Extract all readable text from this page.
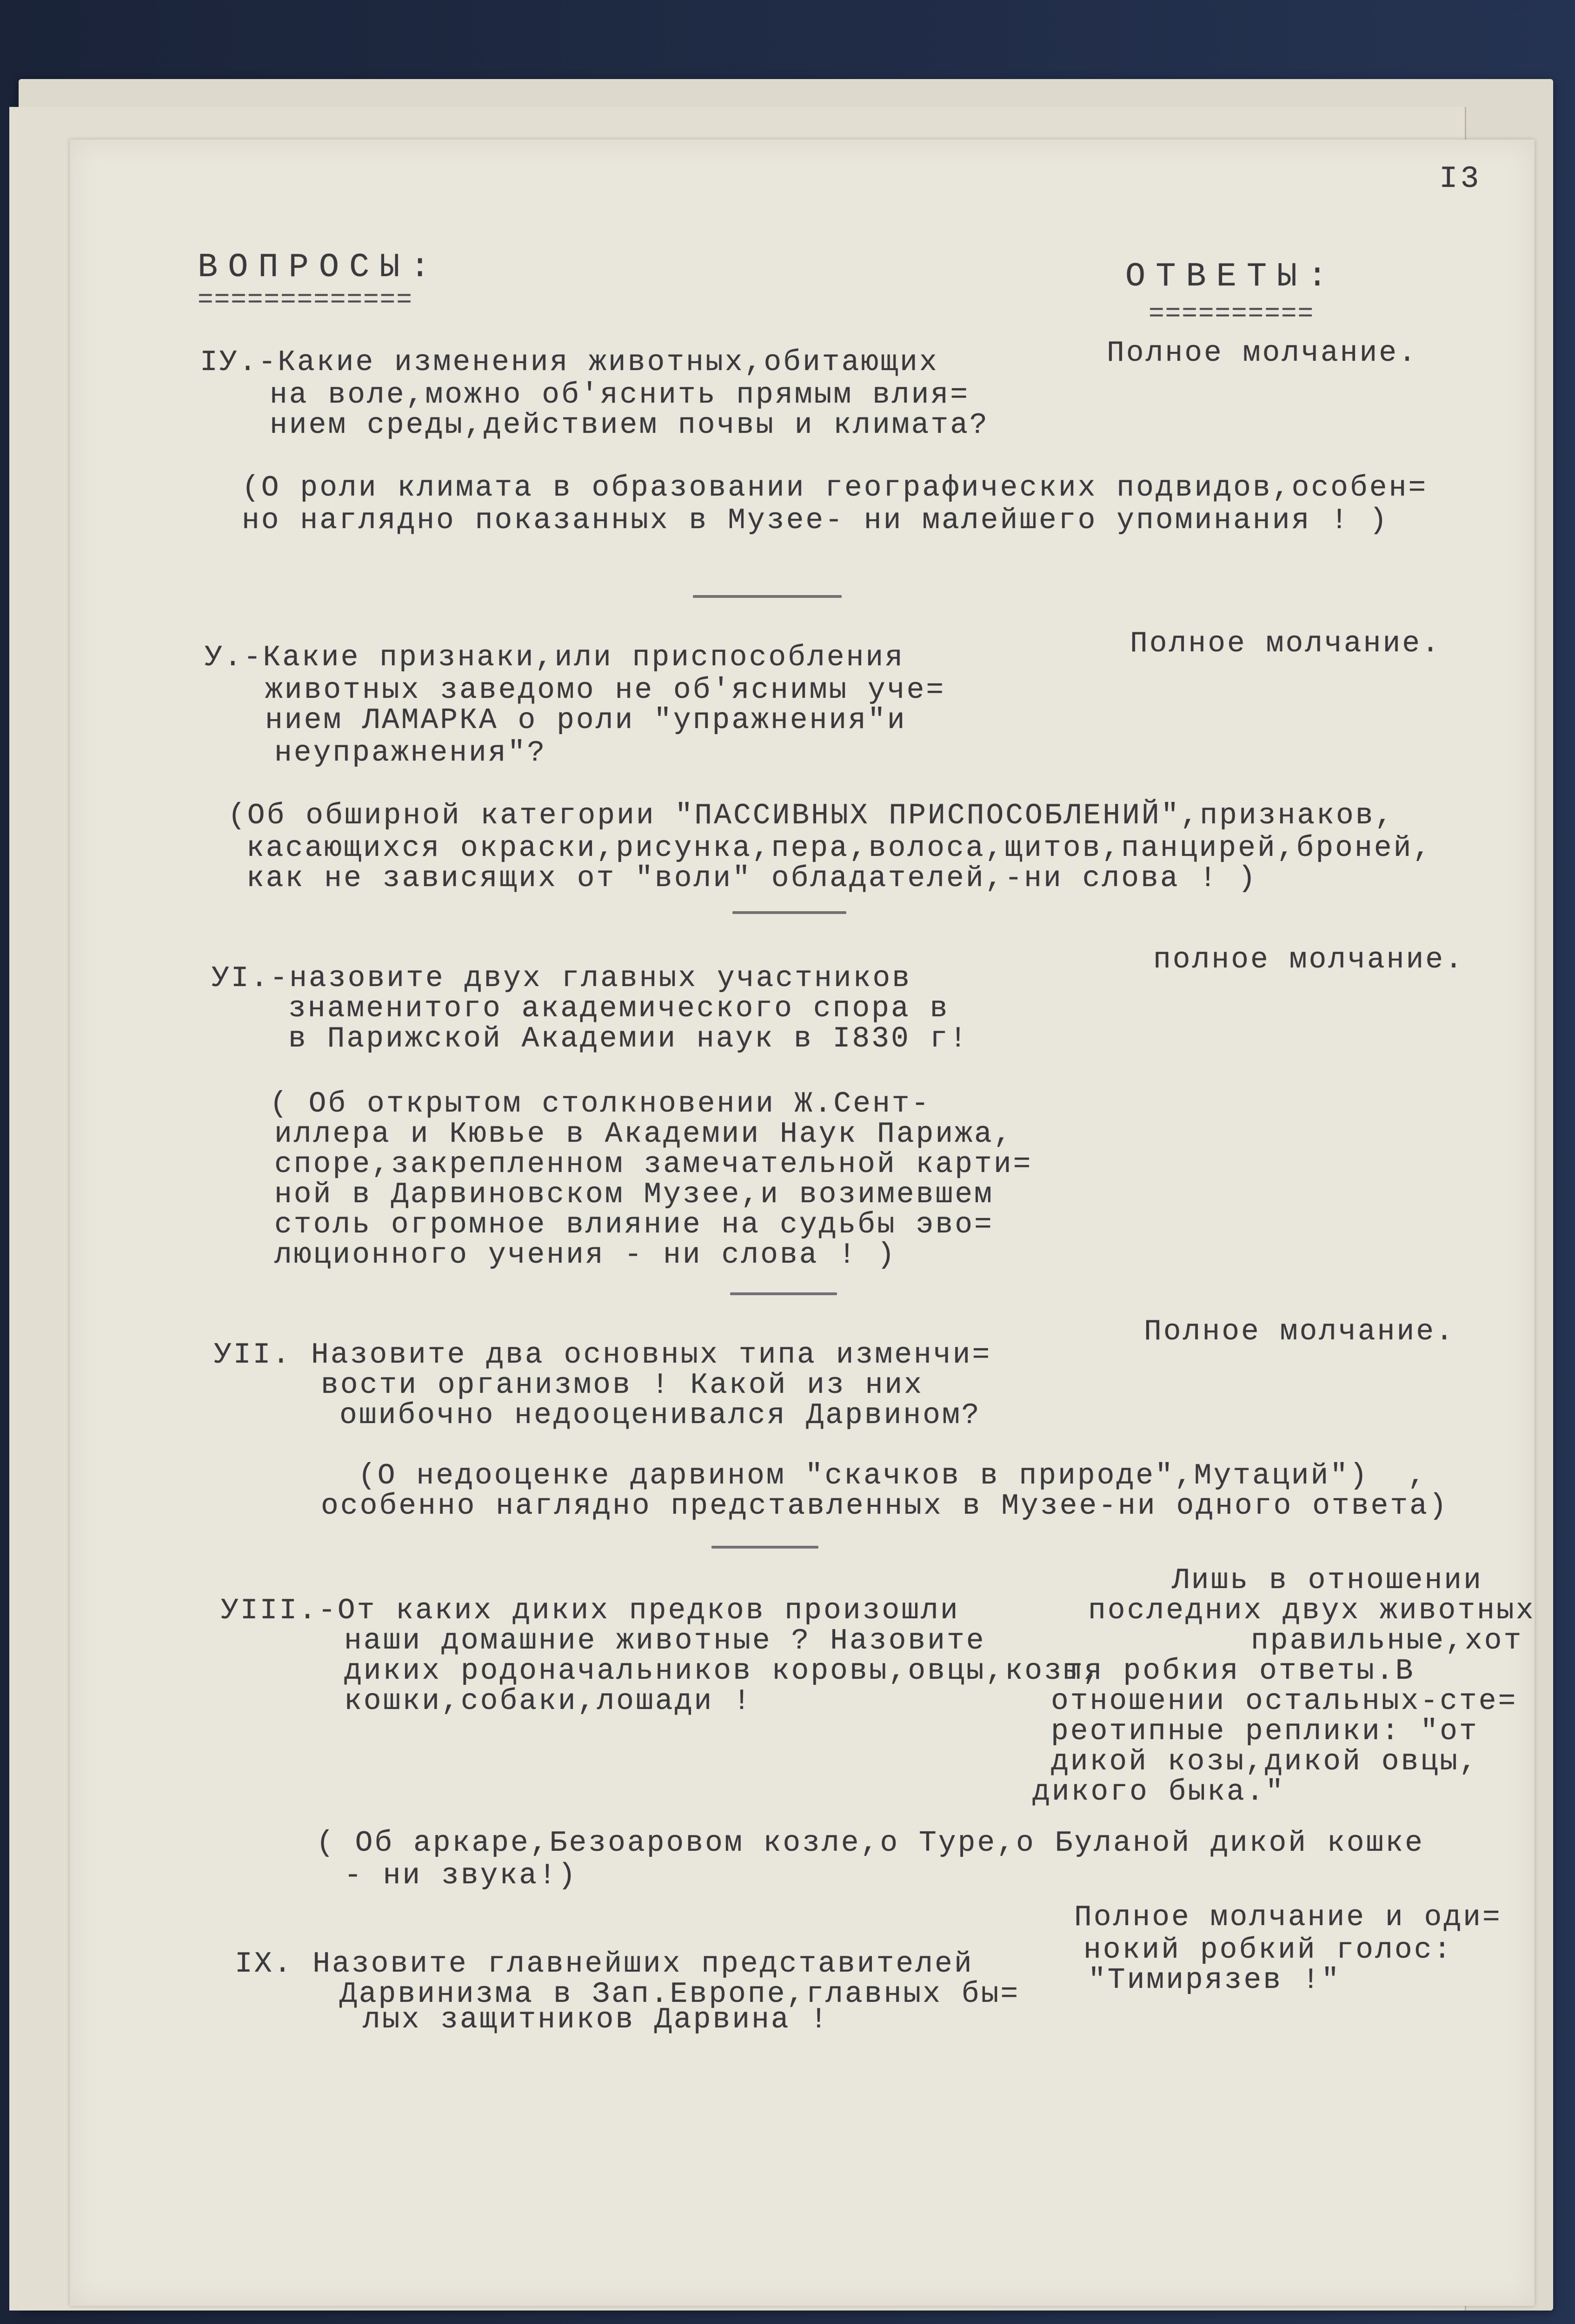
I3
ВОПРОСЫ:
=============
ОТВЕТЫ:
==========
IУ.-Какие изменения животных,обитающих
на воле,можно об'яснить прямым влия=
нием среды,действием почвы и климата?
Полное молчание.
(О роли климата в образовании географических подвидов,особен=
но наглядно показанных в Музее- ни малейшего упоминания ! )
У.-Какие признаки,или приспособления
животных заведомо не об'яснимы уче=
нием ЛАМАРКА о роли "упражнения"и
неупражнения"?
Полное молчание.
(Об обширной категории "ПАССИВНЫХ ПРИСПОСОБЛЕНИЙ",признаков,
касающихся окраски,рисунка,пера,волоса,щитов,панцирей,броней,
как не зависящих от "воли" обладателей,-ни слова ! )
УI.-назовите двух главных участников
знаменитого академического спора в
в Парижской Академии наук в I830 г!
полное молчание.
( Об открытом столкновении Ж.Сент-
иллера и Кювье в Академии Наук Парижа,
споре,закрепленном замечательной карти=
ной в Дарвиновском Музее,и возимевшем
столь огромное влияние на судьбы эво=
люционного учения - ни слова ! )
УII. Назовите два основных типа изменчи=
вости организмов ! Какой из них
ошибочно недооценивался Дарвином?
Полное молчание.
(О недооценке дарвином "скачков в природе",Мутаций")  ,
особенно наглядно представленных в Музее-ни одного ответа)
УIII.-От каких диких предков произошли
наши домашние животные ? Назовите
диких родоначальников коровы,овцы,козы,
кошки,собаки,лошади !
Лишь в отношении
последних двух животных
правильные,хот
тя робкия ответы.В
отношении остальных-сте=
реотипные реплики: "от
дикой козы,дикой овцы,
дикого быка."
( Об аркаре,Безоаровом козле,о Туре,о Буланой дикой кошке
- ни звука!)
IX. Назовите главнейших представителей
Дарвинизма в Зап.Европе,главных бы=
лых защитников Дарвина !
Полное молчание и оди=
нокий робкий голос:
"Тимирязев !"
